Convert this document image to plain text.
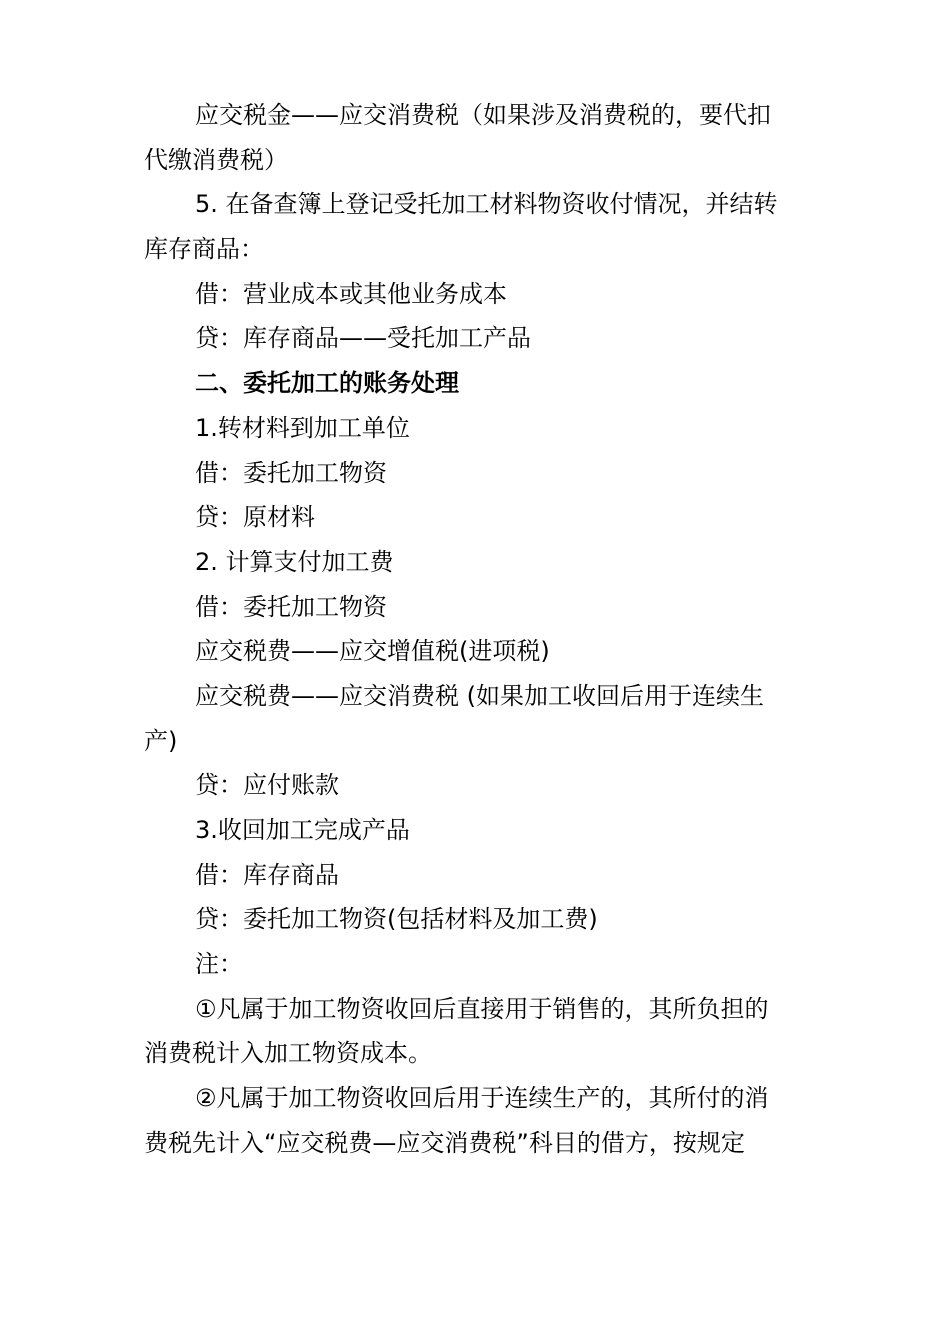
应交税金——应交消费税（如果涉及消费税的，要代扣
代缴消费税）
5. 在备查簿上登记受托加工材料物资收付情况，并结转
库存商品：
借：营业成本或其他业务成本
贷：库存商品——受托加工产品
二、委托加工的账务处理
1.转材料到加工单位
借：委托加工物资
贷：原材料
2. 计算支付加工费
借：委托加工物资
应交税费——应交增值税(进项税)
应交税费——应交消费税 (如果加工收回后用于连续生
产)
贷：应付账款
3.收回加工完成产品
借：库存商品
贷：委托加工物资(包括材料及加工费)
注：
①凡属于加工物资收回后直接用于销售的，其所负担的
消费税计入加工物资成本。
②凡属于加工物资收回后用于连续生产的，其所付的消
费税先计入“应交税费—应交消费税”科目的借方，按规定
